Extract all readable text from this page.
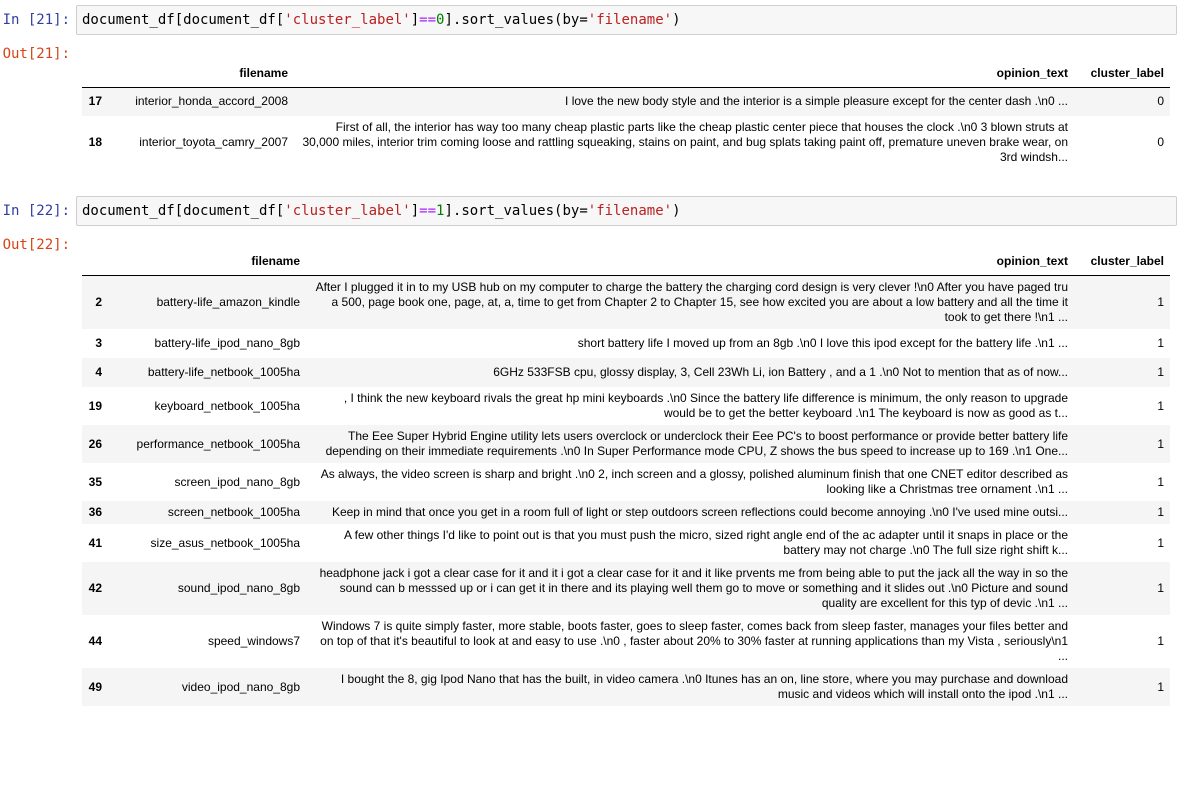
In [21]: document_df[document_df['cluster_label']==0].sort_values(by='filename')
Out[21]:
	filename	opinion_text	cluster_label
17	interior_honda_accord_2008	I love the new body style and the interior is a simple pleasure except for the center dash .\n0 ...	0
18	interior_toyota_camry_2007	First of all, the interior has way too many cheap plastic parts like the cheap plastic center piece that houses the clock .\n0 3 blown struts at 30,000 miles, interior trim coming loose and rattling squeaking, stains on paint, and bug splats taking paint off, premature uneven brake wear, on 3rd windsh...	0
In [22]: document_df[document_df['cluster_label']==1].sort_values(by='filename')
Out[22]:
	filename	opinion_text	cluster_label
2	battery-life_amazon_kindle	After I plugged it in to my USB hub on my computer to charge the battery the charging cord design is very clever !\n0 After you have paged tru a 500, page book one, page, at, a, time to get from Chapter 2 to Chapter 15, see how excited you are about a low battery and all the time it took to get there !\n1 ...	1
3	battery-life_ipod_nano_8gb	short battery life I moved up from an 8gb .\n0 I love this ipod except for the battery life .\n1 ...	1
4	battery-life_netbook_1005ha	6GHz 533FSB cpu, glossy display, 3, Cell 23Wh Li, ion Battery , and a 1 .\n0 Not to mention that as of now...	1
19	keyboard_netbook_1005ha	, I think the new keyboard rivals the great hp mini keyboards .\n0 Since the battery life difference is minimum, the only reason to upgrade would be to get the better keyboard .\n1 The keyboard is now as good as t...	1
26	performance_netbook_1005ha	The Eee Super Hybrid Engine utility lets users overclock or underclock their Eee PC's to boost performance or provide better battery life depending on their immediate requirements .\n0 In Super Performance mode CPU, Z shows the bus speed to increase up to 169 .\n1 One...	1
35	screen_ipod_nano_8gb	As always, the video screen is sharp and bright .\n0 2, inch screen and a glossy, polished aluminum finish that one CNET editor described as looking like a Christmas tree ornament .\n1 ...	1
36	screen_netbook_1005ha	Keep in mind that once you get in a room full of light or step outdoors screen reflections could become annoying .\n0 I've used mine outsi...	1
41	size_asus_netbook_1005ha	A few other things I'd like to point out is that you must push the micro, sized right angle end of the ac adapter until it snaps in place or the battery may not charge .\n0 The full size right shift k...	1
42	sound_ipod_nano_8gb	headphone jack i got a clear case for it and it i got a clear case for it and it like prvents me from being able to put the jack all the way in so the sound can b messsed up or i can get it in there and its playing well them go to move or something and it slides out .\n0 Picture and sound quality are excellent for this typ of devic .\n1 ...	1
44	speed_windows7	Windows 7 is quite simply faster, more stable, boots faster, goes to sleep faster, comes back from sleep faster, manages your files better and on top of that it's beautiful to look at and easy to use .\n0 , faster about 20% to 30% faster at running applications than my Vista , seriously\n1 ...	1
49	video_ipod_nano_8gb	I bought the 8, gig Ipod Nano that has the built, in video camera .\n0 Itunes has an on, line store, where you may purchase and download music and videos which will install onto the ipod .\n1 ...	1
